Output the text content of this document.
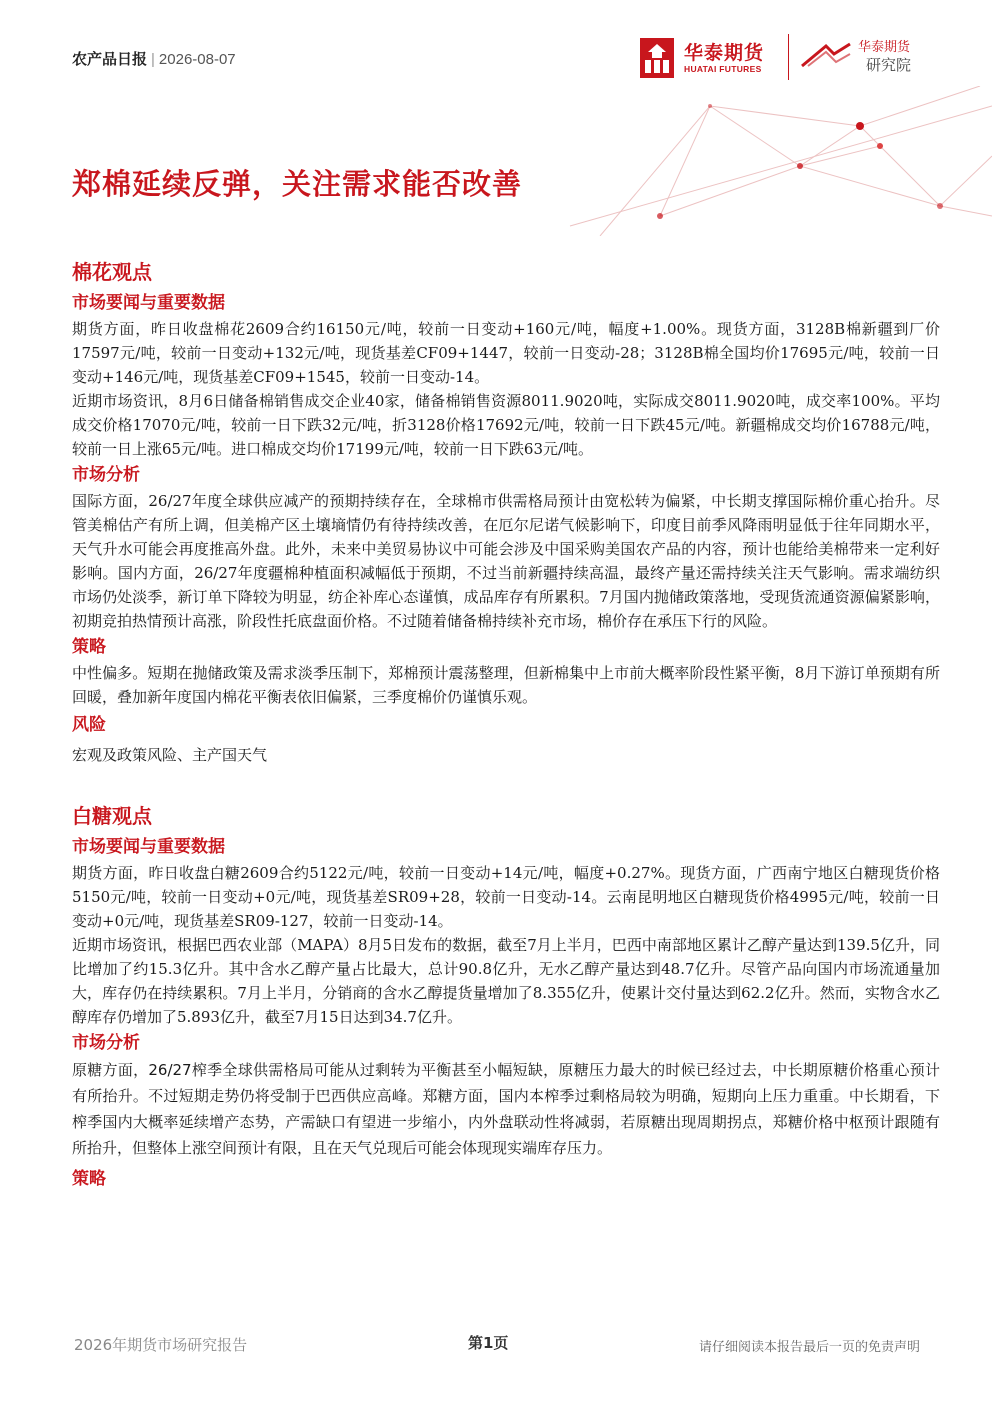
农产品日报 | 2026-08-07	华泰期货
HUATAI FUTURES
华泰期货
研究院
郑棉延续反弹，关注需求能否改善
棉花观点
市场要闻与重要数据

期货方面，昨日收盘棉花2609合约16150元/吨，较前一日变动+160元/吨，幅度+1.00%。现货方面，3128B棉新疆到厂价17597元/吨，较前一日变动+132元/吨，现货基差CF09+1447，较前一日变动-28；3128B棉全国均价17695元/吨，较前一日变动+146元/吨，现货基差CF09+1545，较前一日变动-14。

近期市场资讯，8月6日储备棉销售成交企业40家，储备棉销售资源8011.9020吨，实际成交8011.9020吨，成交率100%。平均成交价格17070元/吨，较前一日下跌32元/吨，折3128价格17692元/吨，较前一日下跌45元/吨。新疆棉成交均价16788元/吨，较前一日上涨65元/吨。进口棉成交均价17199元/吨，较前一日下跌63元/吨。

市场分析

国际方面，26/27年度全球供应减产的预期持续存在，全球棉市供需格局预计由宽松转为偏紧，中长期支撑国际棉价重心抬升。尽管美棉估产有所上调，但美棉产区土壤墒情仍有待持续改善，在厄尔尼诺气候影响下，印度目前季风降雨明显低于往年同期水平，天气升水可能会再度推高外盘。此外，未来中美贸易协议中可能会涉及中国采购美国农产品的内容，预计也能给美棉带来一定利好影响。国内方面，26/27年度疆棉种植面积减幅低于预期，不过当前新疆持续高温，最终产量还需持续关注天气影响。需求端纺织市场仍处淡季，新订单下降较为明显，纺企补库心态谨慎，成品库存有所累积。7月国内抛储政策落地，受现货流通资源偏紧影响，初期竞拍热情预计高涨，阶段性托底盘面价格。不过随着储备棉持续补充市场，棉价存在承压下行的风险。

策略

中性偏多。短期在抛储政策及需求淡季压制下，郑棉预计震荡整理，但新棉集中上市前大概率阶段性紧平衡，8月下游订单预期有所回暖，叠加新年度国内棉花平衡表依旧偏紧，三季度棉价仍谨慎乐观。

风险

宏观及政策风险、主产国天气

白糖观点
市场要闻与重要数据

期货方面，昨日收盘白糖2609合约5122元/吨，较前一日变动+14元/吨，幅度+0.27%。现货方面，广西南宁地区白糖现货价格5150元/吨，较前一日变动+0元/吨，现货基差SR09+28，较前一日变动-14。云南昆明地区白糖现货价格4995元/吨，较前一日变动+0元/吨，现货基差SR09-127，较前一日变动-14。

近期市场资讯，根据巴西农业部（MAPA）8月5日发布的数据，截至7月上半月，巴西中南部地区累计乙醇产量达到139.5亿升，同比增加了约15.3亿升。其中含水乙醇产量占比最大，总计90.8亿升，无水乙醇产量达到48.7亿升。尽管产品向国内市场流通量加大，库存仍在持续累积。7月上半月，分销商的含水乙醇提货量增加了8.355亿升，使累计交付量达到62.2亿升。然而，实物含水乙醇库存仍增加了5.893亿升，截至7月15日达到34.7亿升。

市场分析

原糖方面，26/27榨季全球供需格局可能从过剩转为平衡甚至小幅短缺，原糖压力最大的时候已经过去，中长期原糖价格重心预计有所抬升。不过短期走势仍将受制于巴西供应高峰。郑糖方面，国内本榨季过剩格局较为明确，短期向上压力重重。中长期看，下榨季国内大概率延续增产态势，产需缺口有望进一步缩小，内外盘联动性将减弱，若原糖出现周期拐点，郑糖价格中枢预计跟随有所抬升，但整体上涨空间预计有限，且在天气兑现后可能会体现现实端库存压力。

策略
2026年期货市场研究报告	第1页	请仔细阅读本报告最后一页的免责声明
